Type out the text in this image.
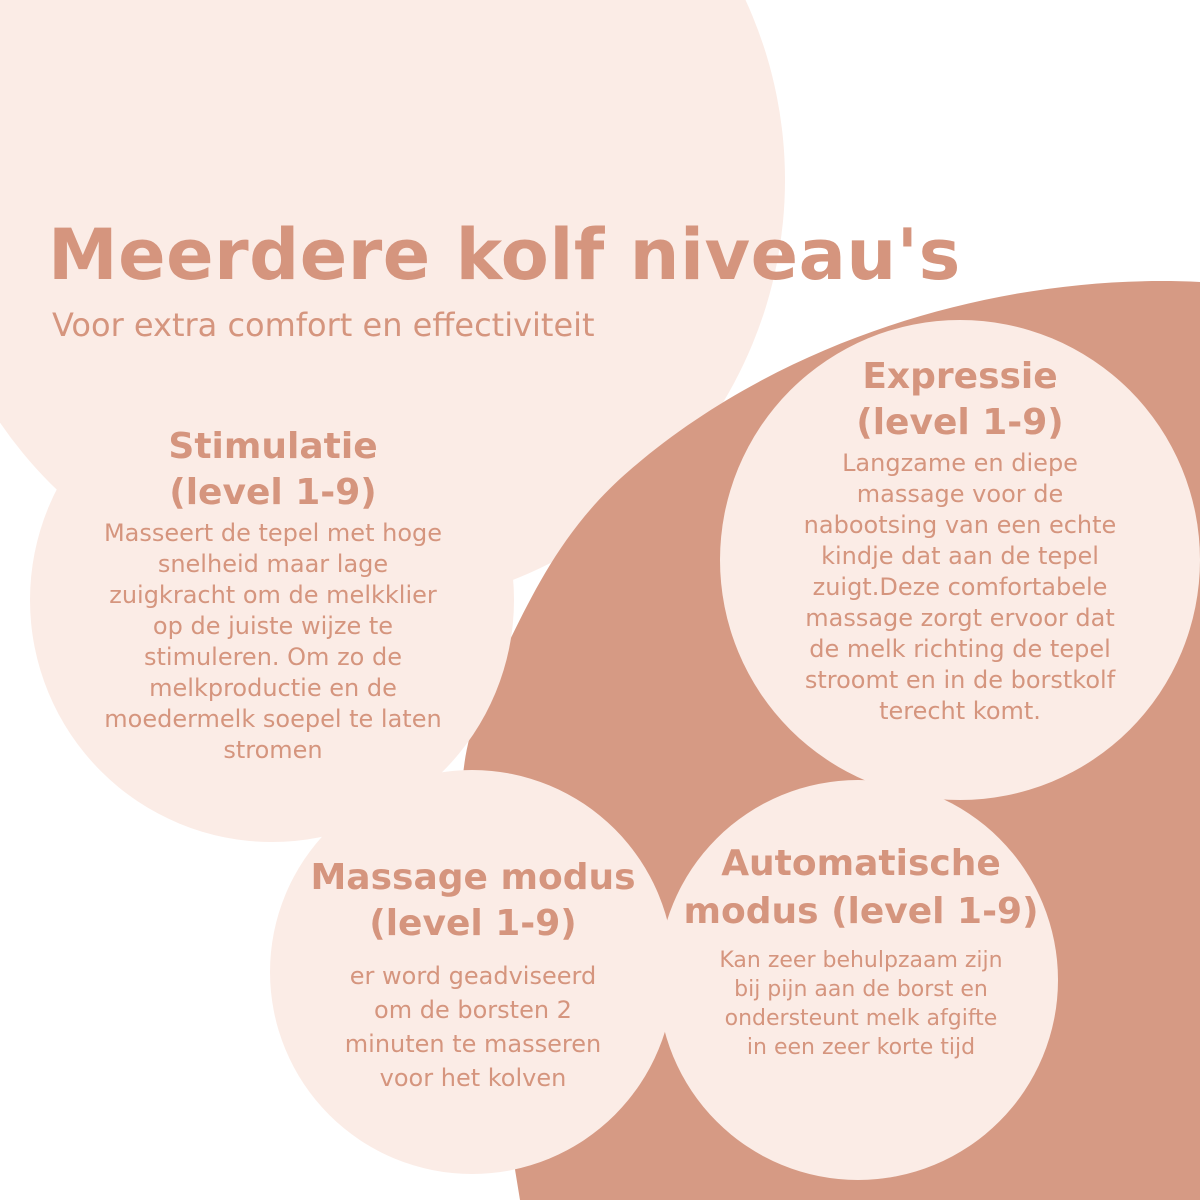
Meerdere kolf niveau's

Voor extra comfort en effectiviteit

Stimulatie
(level 1-9)

Masseert de tepel met hoge
snelheid maar lage
zuigkracht om de melkklier
op de juiste wijze te
stimuleren. Om zo de
melkproductie en de
moedermelk soepel te laten
stromen

Expressie
(level 1-9)

Langzame en diepe
massage voor de
nabootsing van een echte
kindje dat aan de tepel
zuigt.Deze comfortabele
massage zorgt ervoor dat
de melk richting de tepel
stroomt en in de borstkolf
terecht komt.

Massage modus
(level 1-9)

er word geadviseerd
om de borsten 2
minuten te masseren
voor het kolven

Automatische
modus (level 1-9)

Kan zeer behulpzaam zijn
bij pijn aan de borst en
ondersteunt melk afgifte
in een zeer korte tijd
